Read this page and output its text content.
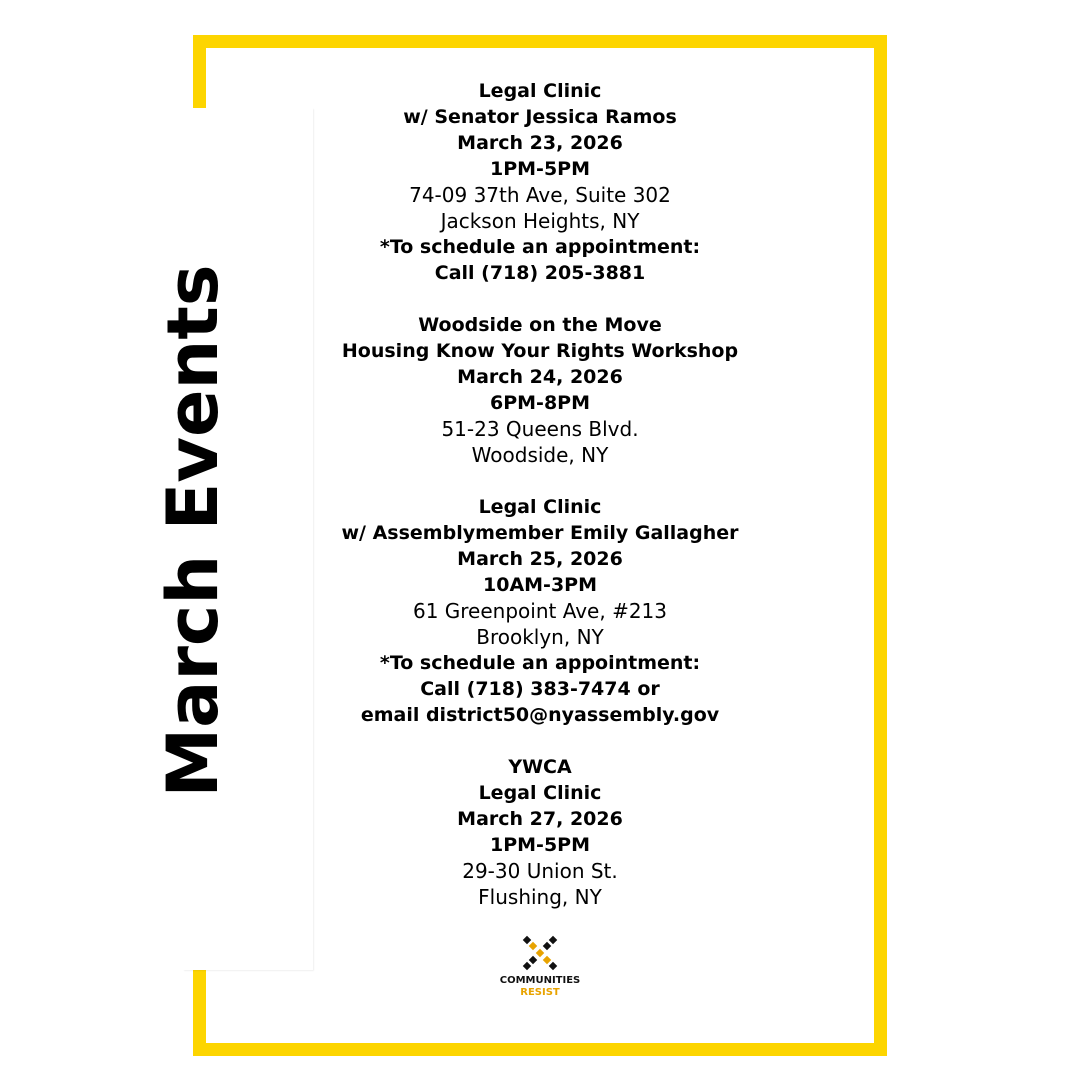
March Events
Legal Clinic
w/ Senator Jessica Ramos
March 23, 2026
1PM-5PM
74-09 37th Ave, Suite 302
Jackson Heights, NY
*To schedule an appointment:
Call (718) 205-3881
Woodside on the Move
Housing Know Your Rights Workshop
March 24, 2026
6PM-8PM
51-23 Queens Blvd.
Woodside, NY
Legal Clinic
w/ Assemblymember Emily Gallagher
March 25, 2026
10AM-3PM
61 Greenpoint Ave, #213
Brooklyn, NY
*To schedule an appointment:
Call (718) 383-7474 or
email district50@nyassembly.gov
YWCA
Legal Clinic
March 27, 2026
1PM-5PM
29-30 Union St.
Flushing, NY
COMMUNITIES
RESIST
